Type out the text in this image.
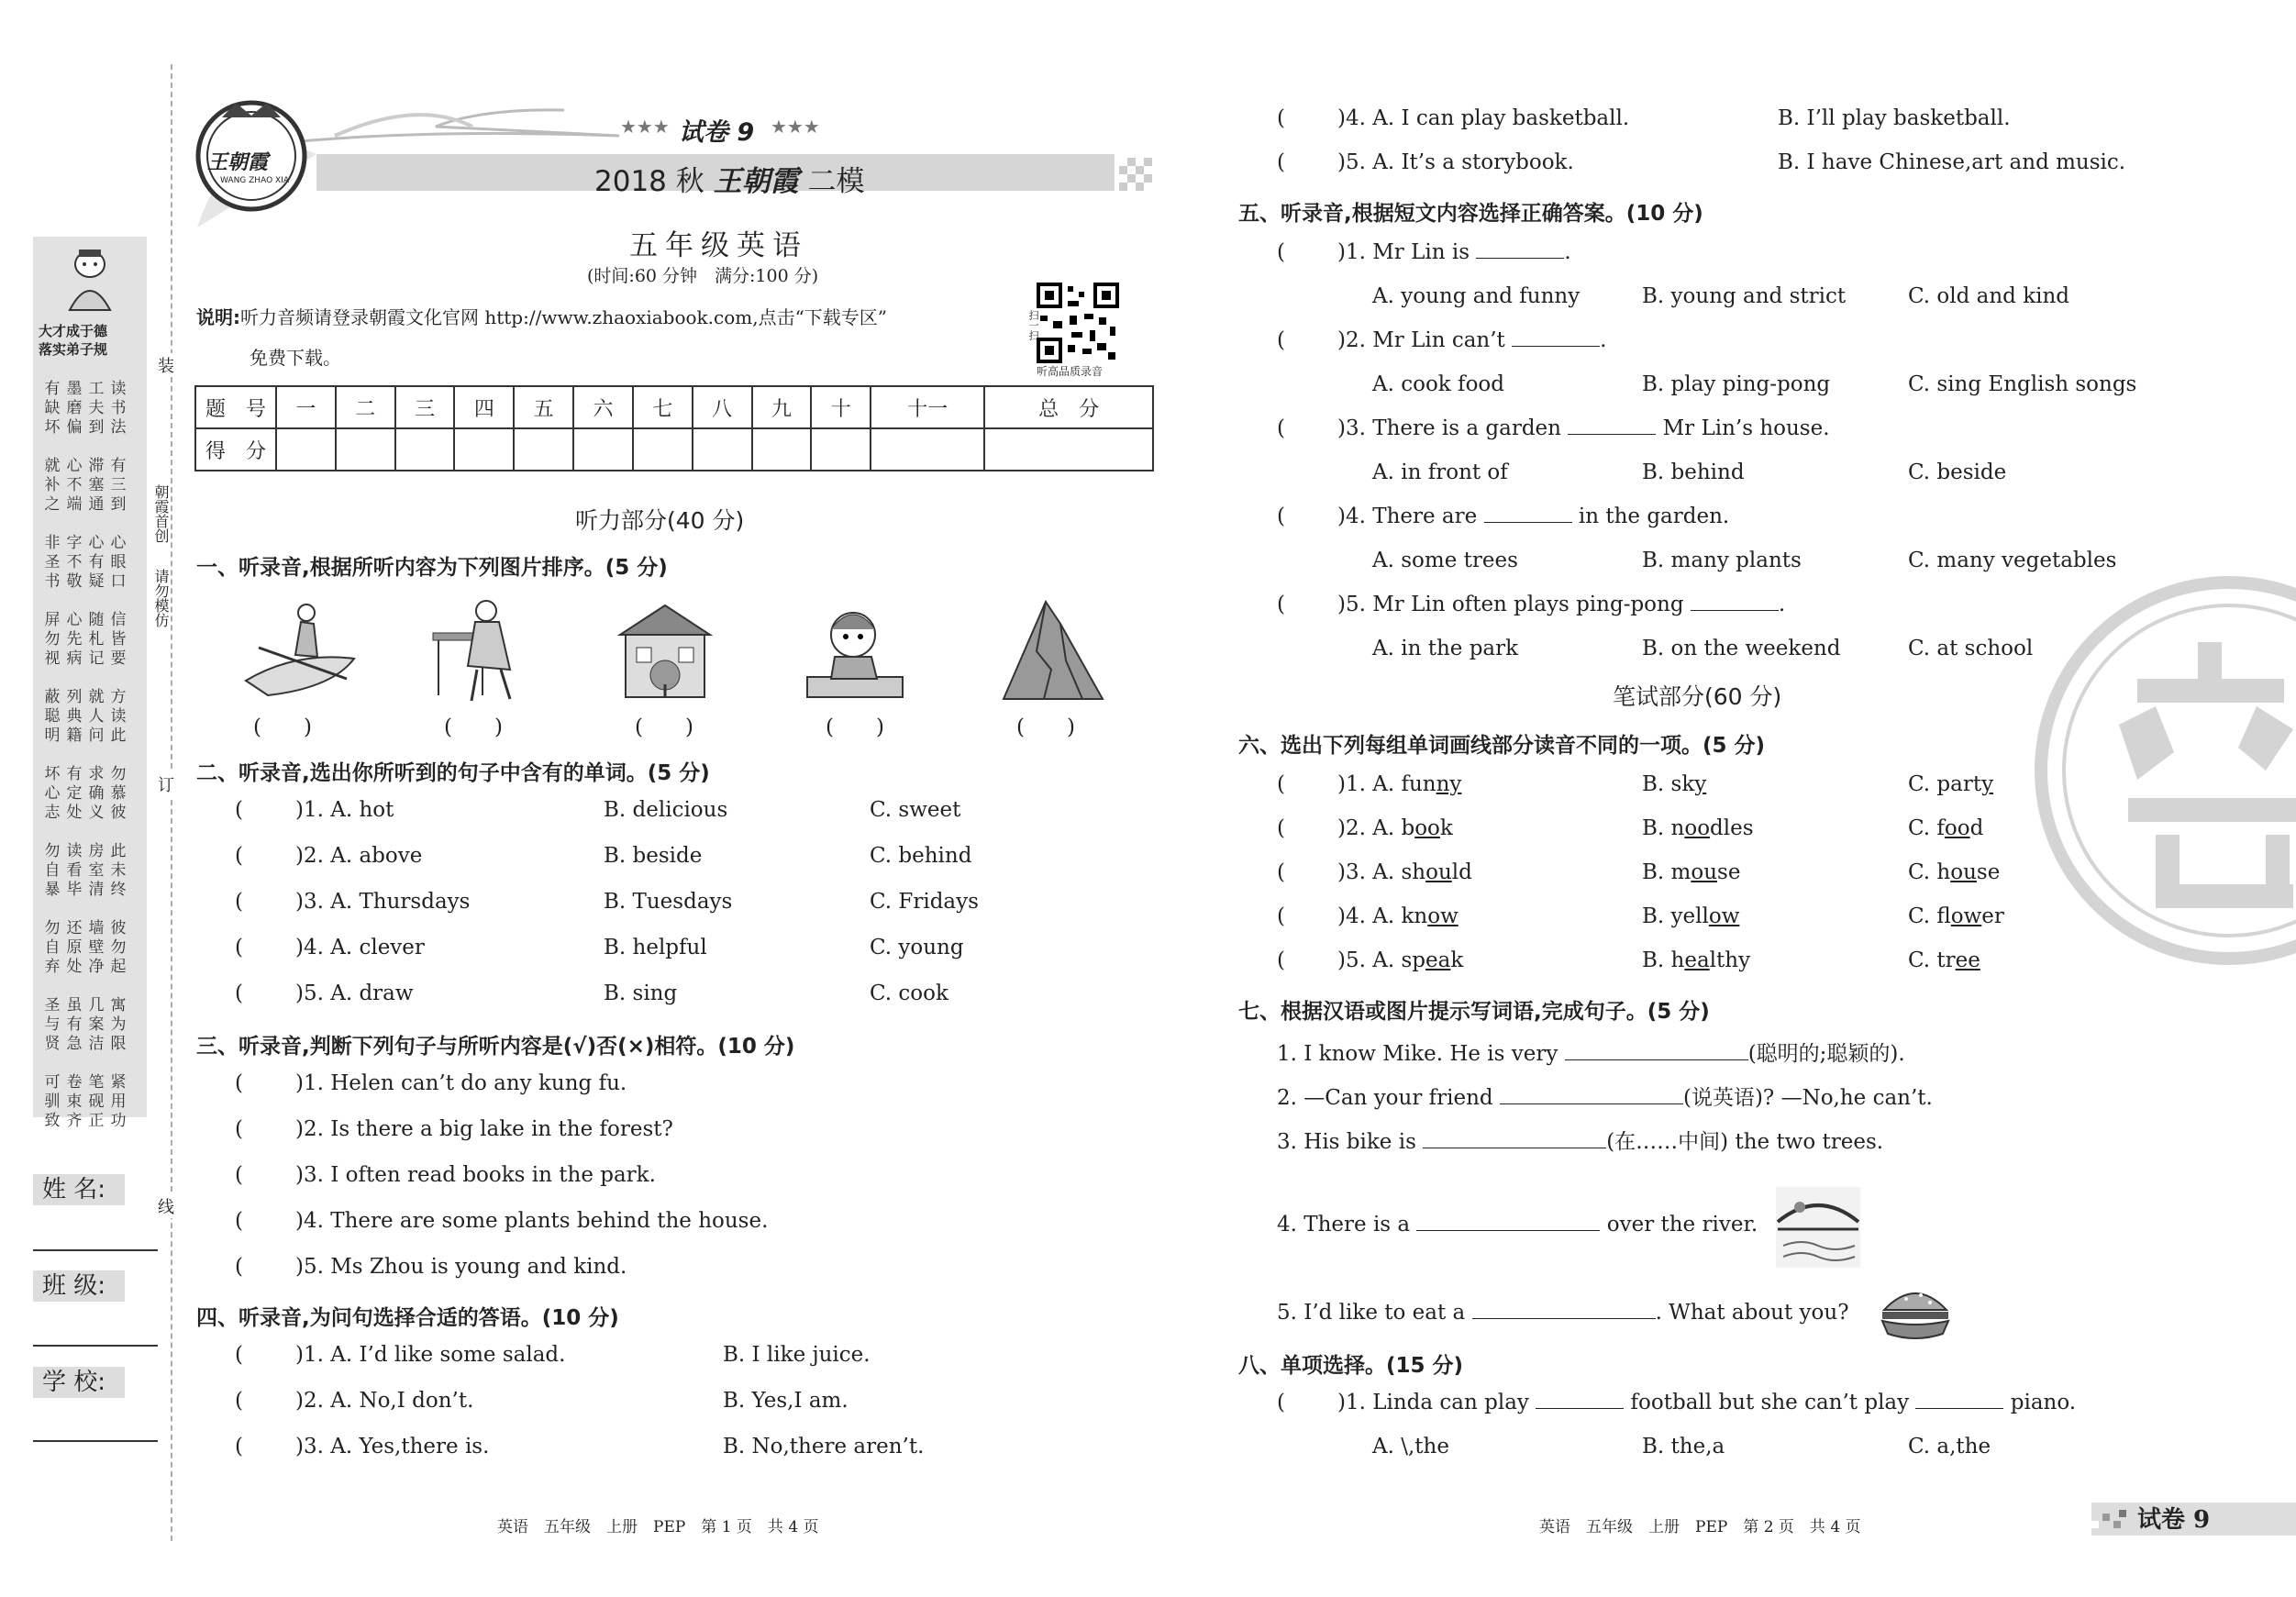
装
订
线
大才成于德
落实弟子规
有 墨 工 读
缺 磨 夫 书
坏 偏 到 法
就 心 滞 有
补 不 塞 三
之 端 通 到
非 字 心 心
圣 不 有 眼
书 敬 疑 口
屏 心 随 信
勿 先 札 皆
视 病 记 要
蔽 列 就 方
聪 典 人 读
明 籍 问 此
坏 有 求 勿
心 定 确 慕
志 处 义 彼
勿 读 房 此
自 看 室 未
暴 毕 清 终
勿 还 墙 彼
自 原 壁 勿
弃 处 净 起
圣 虽 几 寓
与 有 案 为
贤 急 洁 限
可 卷 笔 紧
驯 束 砚 用
致 齐 正 功
朝霞首创
请勿模仿
姓 名:
班 级:
学 校:
王朝霞
WANG ZHAO XIA
★★★ 试卷 9 ★★★
2018 秋 王朝霞 二模
五年级英语
(时间:60 分钟　满分:100 分)
说明:听力音频请登录朝霞文化官网 http://www.zhaoxiabook.com,点击“下载专区”
免费下载。
扫一扫
听高品质录音
题　号	一	二	三	四	五	六	七	八	九	十	十一	总　分
得　分												
听力部分(40 分)
一、听录音,根据所听内容为下列图片排序。(5 分)
(　　)	(　　)	(　　)	(　　)	(　　)
二、听录音,选出你所听到的句子中含有的单词。(5 分)
( )1. A. hot	B. delicious	C. sweet
( )2. A. above	B. beside	C. behind
( )3. A. Thursdays	B. Tuesdays	C. Fridays
( )4. A. clever	B. helpful	C. young
( )5. A. draw	B. sing	C. cook
三、听录音,判断下列句子与所听内容是(√)否(×)相符。(10 分)
( )1. Helen can’t do any kung fu.
( )2. Is there a big lake in the forest?
( )3. I often read books in the park.
( )4. There are some plants behind the house.
( )5. Ms Zhou is young and kind.
四、听录音,为问句选择合适的答语。(10 分)
( )1. A. I’d like some salad.	B. I like juice.
( )2. A. No,I don’t.	B. Yes,I am.
( )3. A. Yes,there is.	B. No,there aren’t.
英语　五年级　上册　PEP　第 1 页　共 4 页
( )4. A. I can play basketball.	B. I’ll play basketball.
( )5. A. It’s a storybook.	B. I have Chinese,art and music.
五、听录音,根据短文内容选择正确答案。(10 分)
( )1. Mr Lin is	.
A. young and funny	B. young and strict	C. old and kind
( )2. Mr Lin can’t	.
A. cook food	B. play ping-pong	C. sing English songs
( )3. There is a garden	Mr Lin’s house.
A. in front of	B. behind	C. beside
( )4. There are	in the garden.
A. some trees	B. many plants	C. many vegetables
( )5. Mr Lin often plays ping-pong	.
A. in the park	B. on the weekend	C. at school
笔试部分(60 分)
六、选出下列每组单词画线部分读音不同的一项。(5 分)
( )1. A. funny	B. sky	C. party
( )2. A. book	B. noodles	C. food
( )3. A. should	B. mouse	C. house
( )4. A. know	B. yellow	C. flower
( )5. A. speak	B. healthy	C. tree
七、根据汉语或图片提示写词语,完成句子。(5 分)
1. I know Mike. He is very	(聪明的;聪颖的).
2. —Can your friend	(说英语)? —No,he can’t.
3. His bike is	(在……中间) the two trees.
4. There is a	over the river.
5. I’d like to eat a	. What about you?
八、单项选择。(15 分)
( )1. Linda can play	football but she can’t play	piano.
A. \,the	B. the,a	C. a,the
英语　五年级　上册　PEP　第 2 页　共 4 页	试卷 9
